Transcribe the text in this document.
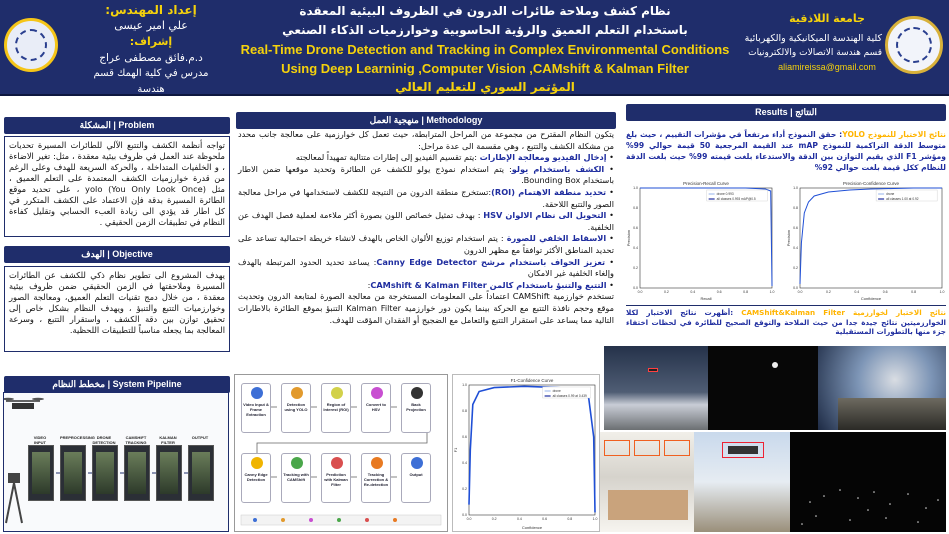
إعداد المهندس:
علي امير عيسى
إشراف:
د.م.فائق مصطفى عراج
مدرس في كلية الهمك قسم هندسة
الاتصالات والالكترونيات -جامعة اللاذقية
نظام كشف وملاحة طائرات الدرون في الظروف البيئية المعقدة
باستخدام التعلم العميق والرؤية الحاسوبية وخوارزميات الذكاء الصنعي
Real-Time Drone Detection and Tracking in Complex Environmental Conditions
Using Deep Learninig ,Computer Vision ,CAMshift & Kalman Filter
المؤتمر السوري للتعليم العالي
جامعة اللاذقية
كلية الهندسة الميكانيكية والكهربائية
قسم هندسة الاتصالات والالكترونيات
aliamireissa@gmail.com
المشكلة | Problem
تواجه أنظمة الكشف والتتبع الآلي للطائرات المسيرة تحديات ملحوظة عند العمل في ظروف بيئية معقدة ، مثل: تغير الاضاءة ، و الخلفيات المتداخلة ، والحركة السريعة للهدف وعلى الرغم من قدرة خوارزميات الكشف المعتمدة على التعلم العميق ، مثل yolo (You Only Look Once) ، على تحديد موقع الطائرة المسيرة بدقة فإن الاعتماد على الكشف المتكرر في كل اطار قد يؤدي الى زيادة العبء الحسابي وتقليل كفاءة النظام في تطبيقات الزمن الحقيقي .
الهدف | Objective
يهدف المشروع الى تطوير نظام ذكي للكشف عن الطائرات المسيرة وملاحقتها في الزمن الحقيقي ضمن ظروف بيئية معقدة ، من خلال دمج تقنيات التعلم العميق، ومعالجة الصور وخوارزميات التتبع والتنبؤ ، ويهدف النظام بشكل خاص إلى تحقيق توازن بين دقة الكشف ، واستقرار التتبع ، وسرعة المعالجة بما يجعله مناسباً للتطبيقات اللحظية.
مخطط النظام | System Pipeline
VIDEO INPUT
PREPROCESSING DRONE DETECTION
CAMSHIFT TRACKING
KALMAN FILTER
OUTPUT
منهجية العمل | Methodology
يتكون النظام المقترح من مجموعة من المراحل المترابطة، حيث تعمل كل خوارزمية على معالجة جانب محدد من مشكلة الكشف والتتبع ، وهي مقسمة الى عدة مراحل:
• إدخال الفيديو ومعالجة الإطارات :يتم تقسيم الفيديو إلى إطارات متتالية تمهيداً لمعالجته
• الكشف باستخدام يولو: يتم استخدام نموذج يولو للكشف عن الطائرة وتحديد موقعها ضمن الاطار باستخدام Bounding Box.
• تحديد منطقة الاهتمام (ROI):تستخرج منطقة الدرون من النتيجة للكشف لاستخدامها في مراحل معالجة الصور والتتبع اللاحقة.
• التحويل الى نظام الالوان HSV : بهدف تمثيل خصائص اللون بصورة أكثر ملاءمة لعملية فصل الهدف عن الخلفية.
• الاسقاط الخلفي للصورة : يتم استخدام توزيع الألوان الخاص بالهدف لانشاء خريطة احتمالية تساعد على تحديد المناطق الأكثر توافقاً مع مظهر الدرون
• تعزيز الحواف باستخدام مرشح Canny Edge Detector: يساعد تحديد الحدود المرتبطة بالهدف وإلغاء الخلفية غير الامكان
• التتبع والتنبؤ باستخدام كالمن CAMshift & Kalman Filter:
تستخدم خوارزمية CAMShift اعتماداً على المعلومات المستخرجة من معالجة الصورة لمتابعة الدرون وتحديث موقع وحجم نافذة التتبع مع الحركة بينما يكون دور خوارزمية Kalman Filter التنبؤ بموقع الطائرة بالاطارات التالية مما يساعد على استقرار التتبع والتعامل مع الضجيج أو الفقدان المؤقت للهدف.
Results | النتائج
نتائج الاختبار للنموذج YOLO: حقق النموذج أداء مرتفعاً في مؤشرات التقييم ، حيث بلغ متوسط الدقة التراكمية للنموذج mAP عند القيمة المرجعية 50 قيمة حوالي 99% ومؤشر F1 الذي يقيم التوازن بين الدقة والاستدعاء بلغت قيمته 99% حيث بلغت الدقة للنظام ككل قيمة بلغت حوالي 92%
Precision-Recall Curve
0.0
0.0
0.2
0.2
0.4
0.4
0.6
0.6
0.8
0.8
1.0
1.0
Recall
Precision
drone 0.993
all classes 0.993 mAP@0.5
Precision-Confidence Curve
0.0
0.0
0.2
0.2
0.4
0.4
0.6
0.6
0.8
0.8
1.0
1.0
Confidence
Precision
drone
all classes 1.00 at 0.92
نتائج الاختبار لخوارزمية CAMShift&Kalman Filter :أظهرت نتائج الاختبار لكلا الخوارزميتين نتائج جيدة جدا من حيث الملاحة والتوقع الصحيح للطائرة في لحظات اختفاء جزء منها بالتطورات المستقبلية
Video Input & Frame Extraction
Detection using YOLO
Region of Interest (ROI)
Convert to HSV
Back Projection
Canny Edge Detection
Tracking with CAMShift
Prediction with Kalman Filter
Tracking Correction & Re-detection
Output
F1-Confidence Curve
0.0
0.0
0.2
0.2
0.4
0.4
0.6
0.6
0.8
0.8
1.0
1.0
Confidence
F1
drone
all classes 0.99 at 0.439
